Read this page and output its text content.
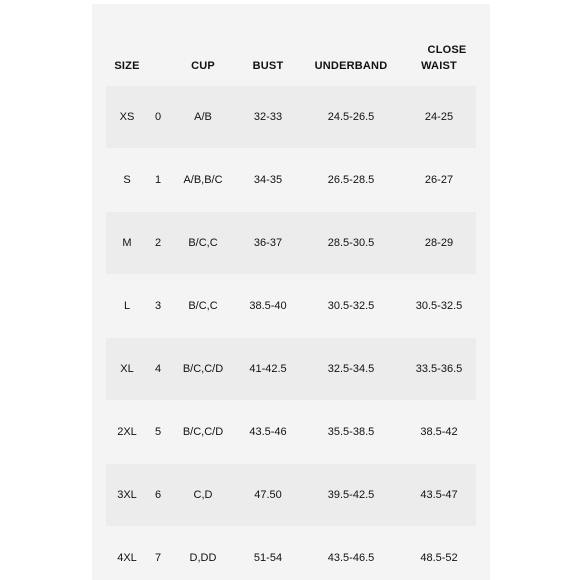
CLOSE
SIZE	CUP	BUST	UNDERBAND	WAIST
XS 0	A/B	32-33	24.5-26.5	24-25
S 1 A/B,B/C	34-35	26.5-28.5	26-27
M 2 B/C,C	36-37	28.5-30.5	28-29
L 3 B/C,C	38.5-40	30.5-32.5	30.5-32.5
XL 4 B/C,C/D 41-42.5	32.5-34.5	33.5-36.5
2XL 5 B/C,C/D 43.5-46	35.5-38.5	38.5-42
3XL 6	C,D	47.50	39.5-42.5	43.5-47
4XL 7	D,DD	51-54	43.5-46.5	48.5-52
